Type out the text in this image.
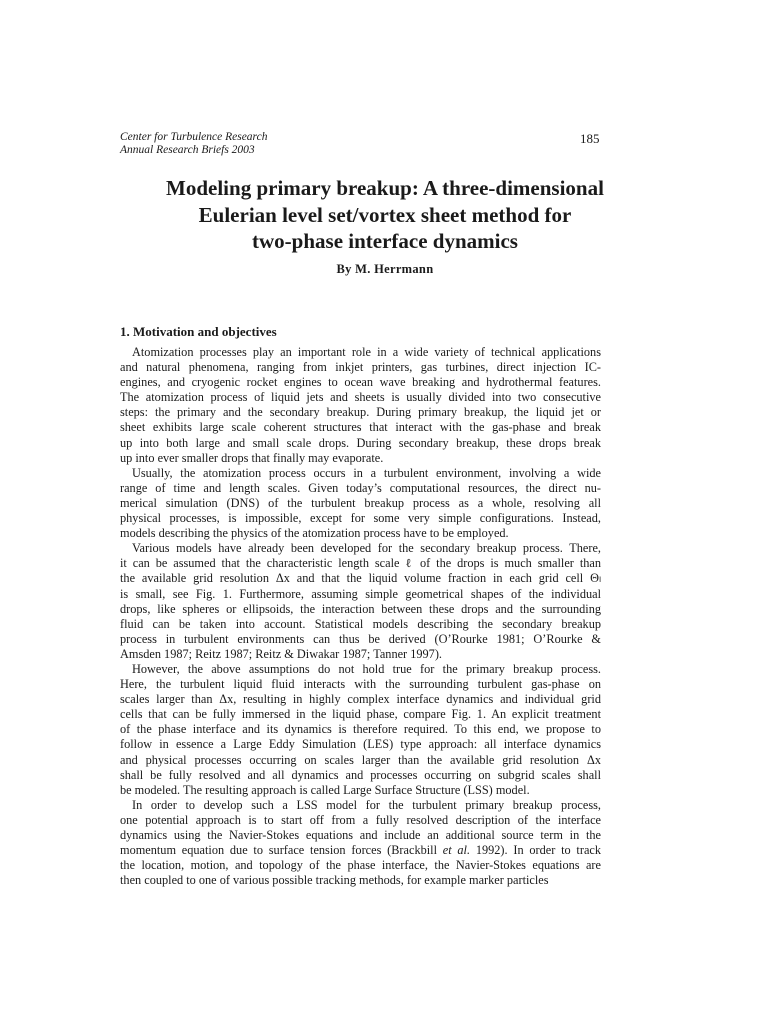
Center for Turbulence Research
Annual Research Briefs 2003
185
Modeling primary breakup: A three-dimensional
Eulerian level set/vortex sheet method for
two-phase interface dynamics
By M. Herrmann
1. Motivation and objectives
Atomization processes play an important role in a wide variety of technical applications
and natural phenomena, ranging from inkjet printers, gas turbines, direct injection IC-
engines, and cryogenic rocket engines to ocean wave breaking and hydrothermal features.
The atomization process of liquid jets and sheets is usually divided into two consecutive
steps: the primary and the secondary breakup. During primary breakup, the liquid jet or
sheet exhibits large scale coherent structures that interact with the gas-phase and break
up into both large and small scale drops. During secondary breakup, these drops break
up into ever smaller drops that finally may evaporate.
Usually, the atomization process occurs in a turbulent environment, involving a wide
range of time and length scales. Given today’s computational resources, the direct nu-
merical simulation (DNS) of the turbulent breakup process as a whole, resolving all
physical processes, is impossible, except for some very simple configurations. Instead,
models describing the physics of the atomization process have to be employed.
Various models have already been developed for the secondary breakup process. There,
it can be assumed that the characteristic length scale ℓ of the drops is much smaller than
the available grid resolution Δx and that the liquid volume fraction in each grid cell Θₗ
is small, see Fig. 1. Furthermore, assuming simple geometrical shapes of the individual
drops, like spheres or ellipsoids, the interaction between these drops and the surrounding
fluid can be taken into account. Statistical models describing the secondary breakup
process in turbulent environments can thus be derived (O’Rourke 1981; O’Rourke &
Amsden 1987; Reitz 1987; Reitz & Diwakar 1987; Tanner 1997).
However, the above assumptions do not hold true for the primary breakup process.
Here, the turbulent liquid fluid interacts with the surrounding turbulent gas-phase on
scales larger than Δx, resulting in highly complex interface dynamics and individual grid
cells that can be fully immersed in the liquid phase, compare Fig. 1. An explicit treatment
of the phase interface and its dynamics is therefore required. To this end, we propose to
follow in essence a Large Eddy Simulation (LES) type approach: all interface dynamics
and physical processes occurring on scales larger than the available grid resolution Δx
shall be fully resolved and all dynamics and processes occurring on subgrid scales shall
be modeled. The resulting approach is called Large Surface Structure (LSS) model.
In order to develop such a LSS model for the turbulent primary breakup process,
one potential approach is to start off from a fully resolved description of the interface
dynamics using the Navier-Stokes equations and include an additional source term in the
momentum equation due to surface tension forces (Brackbill et al. 1992). In order to track
the location, motion, and topology of the phase interface, the Navier-Stokes equations are
then coupled to one of various possible tracking methods, for example marker particles
